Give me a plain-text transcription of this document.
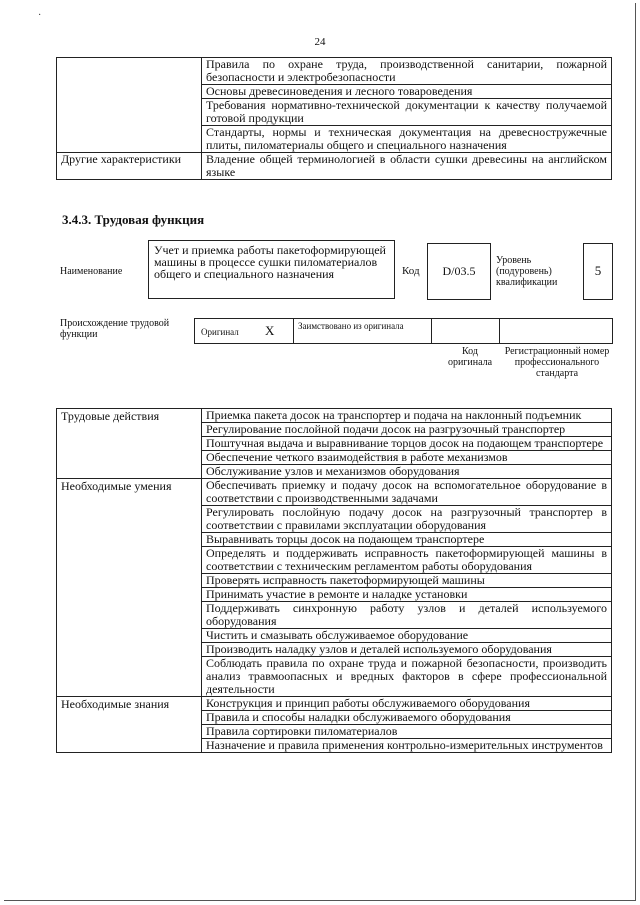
·
24
	Правила по охране труда, производственной санитарии, пожарной безопасности и электробезопасности
	Основы древесиноведения и лесного товароведения
	Требования нормативно-технической документации к качеству получаемой готовой продукции
	Стандарты, нормы и техническая документация на древесностружечные плиты, пиломатериалы общего и специального назначения
Другие характеристики	Владение общей терминологией в области сушки древесины на английском языке
3.4.3. Трудовая функция
Наименование
Учет и приемка работы пакетоформирующей машины в процессе сушки пиломатериалов общего и специального назначения	Код	D/03.5
Уровень (подуровень) квалификации
5
Происхождение трудовой функции	Оригинал X	Заимствовано из оригинала
Код оригинала
Регистрационный номер профессионального стандарта
Трудовые действия	Приемка пакета досок на транспортер и подача на наклонный подъемник
	Регулирование послойной подачи досок на разгрузочный транспортер
	Поштучная выдача и выравнивание торцов досок на подающем транспортере
	Обеспечение четкого взаимодействия в работе механизмов
	Обслуживание узлов и механизмов оборудования
Необходимые умения	Обеспечивать приемку и подачу досок на вспомогательное оборудование в соответствии с производственными задачами
	Регулировать послойную подачу досок на разгрузочный транспортер в соответствии с правилами эксплуатации оборудования
	Выравнивать торцы досок на подающем транспортере
	Определять и поддерживать исправность пакетоформирующей машины в соответствии с техническим регламентом работы оборудования
	Проверять исправность пакетоформирующей машины
	Принимать участие в ремонте и наладке установки
	Поддерживать синхронную работу узлов и деталей используемого оборудования
	Чистить и смазывать обслуживаемое оборудование
	Производить наладку узлов и деталей используемого оборудования
	Соблюдать правила по охране труда и пожарной безопасности, производить анализ травмоопасных и вредных факторов в сфере профессиональной деятельности
Необходимые знания	Конструкция и принцип работы обслуживаемого оборудования
	Правила и способы наладки обслуживаемого оборудования
	Правила сортировки пиломатериалов
	Назначение и правила применения контрольно-измерительных инструментов
